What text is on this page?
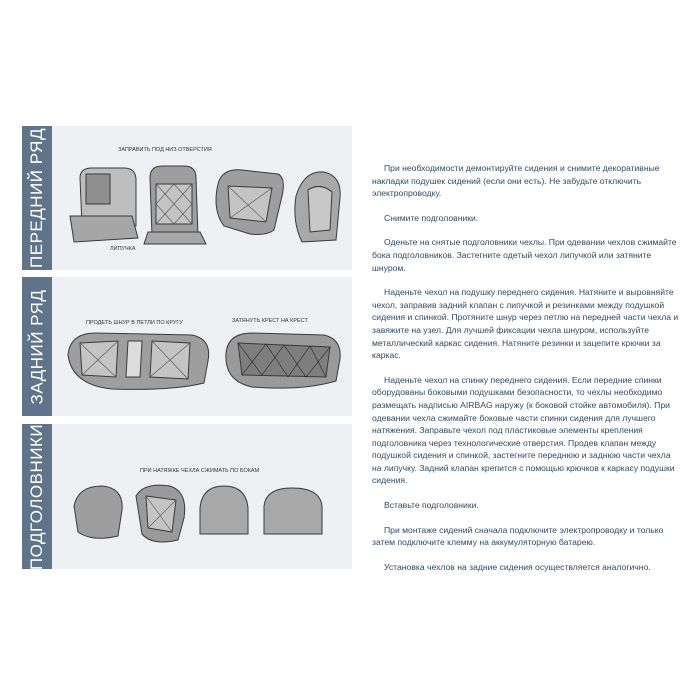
ПЕРЕДНИЙ РЯД	ЗАПРАВИТЬ ПОД НИЗ ОТВЕРСТИЯ
ЛИПУЧКА
ЗАДНИЙ РЯД	ПРОДЕТЬ ШНУР В ПЕТЛИ ПО КРУГУ	ЗАТЯНУТЬ КРЕСТ НА КРЕСТ
ПОДГОЛОВНИКИ	ПРИ НАТЯЖКЕ ЧЕХЛА СЖИМАТЬ ПО БОКАМ

При необходимости демонтируйте сидения и снимите декоративные накладки подушек сидений (если они есть). Не забудьте отключить электропроводку.

Снимите подголовники.

Оденьте на снятые подголовники чехлы. При одевании чехлов сжимайте бока подголовников. Застегните одетый чехол липучкой или затяните шнуром.

Наденьте чехол на подушку переднего сидения. Натяните и выровняйте чехол, заправив задний клапан с липучкой и резинками между подушкой сидения и спинкой. Протяните шнур через петлю на передней части чехла и завяжите на узел. Для лучшей фиксации чехла шнуром, используйте металлический каркас сидения. Натяните резинки и зацепите крючки за каркас.

Наденьте чехол на спинку переднего сидения. Если передние спинки оборудованы боковыми подушками безопасности, то чехлы необходимо размещать надписью AIRBAG наружу (к боковой стойке автомобиля). При одевании чехла сжимайте боковые части спинки сидения для лучшего натяжения. Заправьте чехол под пластиковые элементы крепления подголовника через технологические отверстия. Продев клапан между подушкой сидения и спинкой, застегните переднюю и заднюю части чехла на липучку. Задний клапан крепится с помощью крючков к каркасу подушки сидения.

Вставьте подголовники.

При монтаже сидений сначала подключите электропроводку и только затем подключите клемму на аккумуляторную батарею.

Установка чехлов на задние сидения осуществляется аналогично.
